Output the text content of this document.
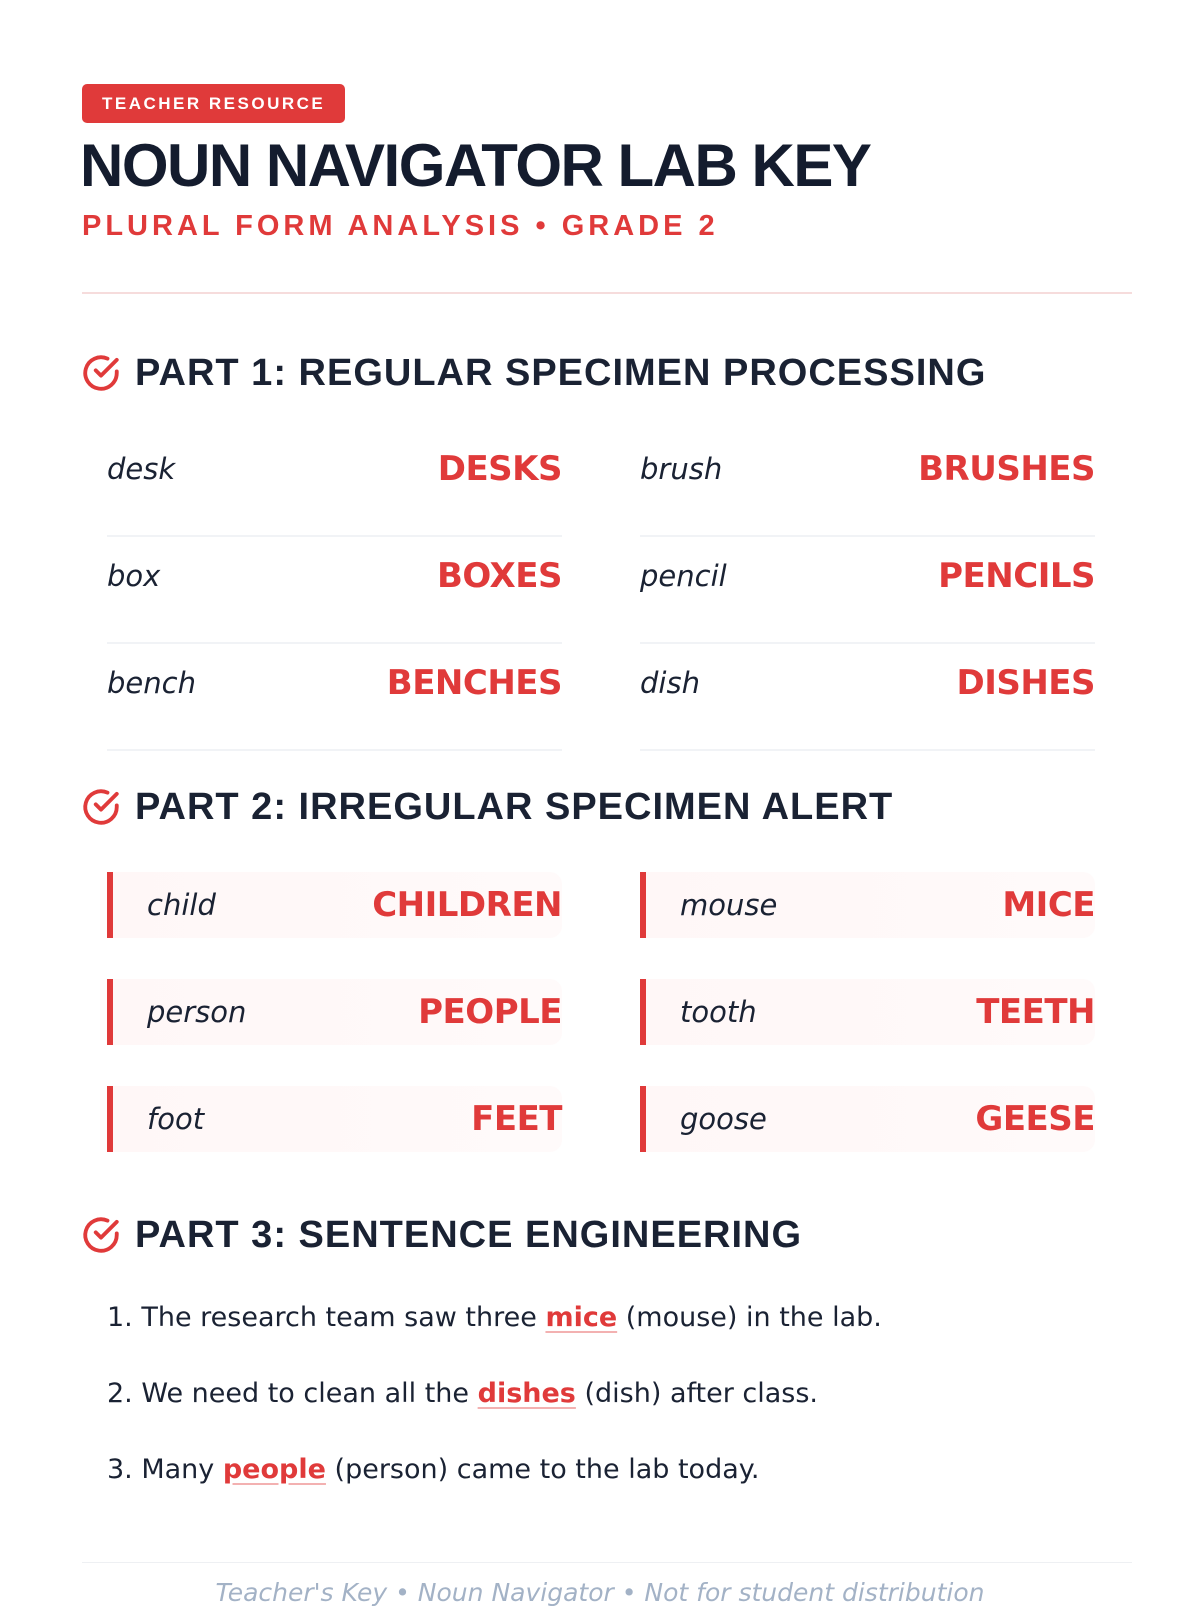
TEACHER RESOURCE
NOUN NAVIGATOR LAB KEY
PLURAL FORM ANALYSIS • GRADE 2
PART 1: REGULAR SPECIMEN PROCESSING
desk	DESKS	brush	BRUSHES
box	BOXES	pencil	PENCILS
bench	BENCHES	dish	DISHES
PART 2: IRREGULAR SPECIMEN ALERT
child	CHILDREN	mouse	MICE
person	PEOPLE	tooth	TEETH
foot	FEET	goose	GEESE
PART 3: SENTENCE ENGINEERING
1. The research team saw three mice (mouse) in the lab.
2. We need to clean all the dishes (dish) after class.
3. Many people (person) came to the lab today.
Teacher's Key • Noun Navigator • Not for student distribution
